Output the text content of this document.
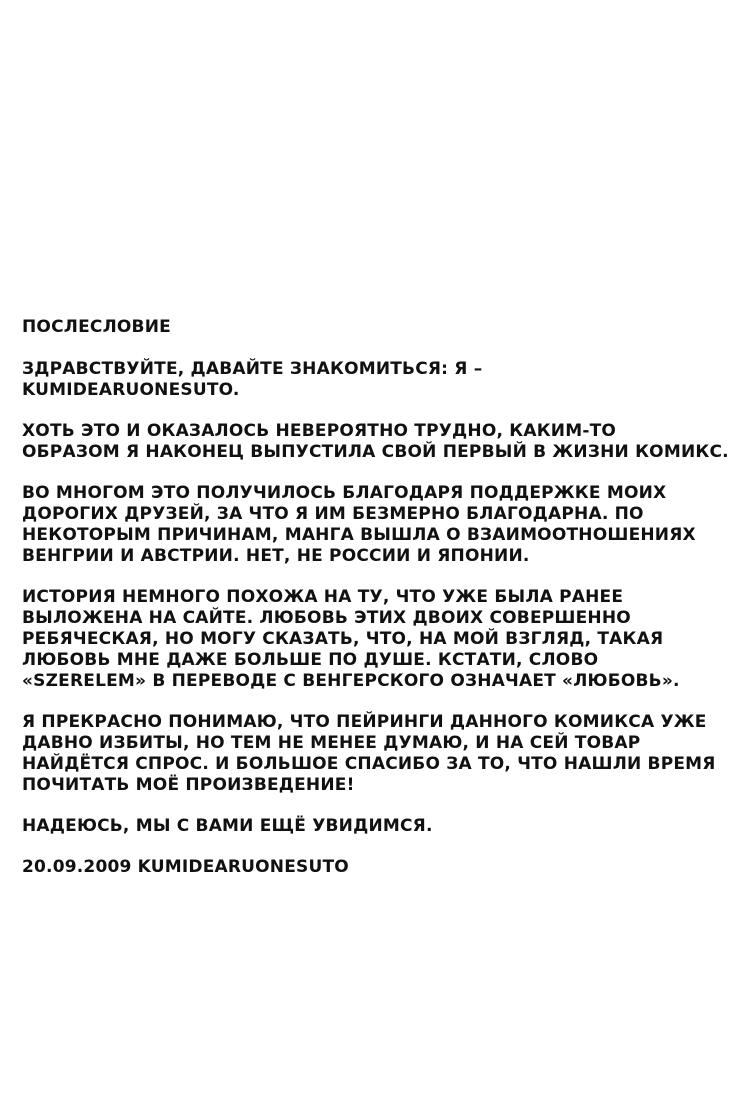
ПОСЛЕСЛОВИЕ

ЗДРАВСТВУЙТЕ, ДАВАЙТЕ ЗНАКОМИТЬСЯ: Я –
KUMIDEARUONESUTO.

ХОТЬ ЭТО И ОКАЗАЛОСЬ НЕВЕРОЯТНО ТРУДНО, КАКИМ-ТО
ОБРАЗОМ Я НАКОНЕЦ ВЫПУСТИЛА СВОЙ ПЕРВЫЙ В ЖИЗНИ КОМИКС.

ВО МНОГОМ ЭТО ПОЛУЧИЛОСЬ БЛАГОДАРЯ ПОДДЕРЖКЕ МОИХ
ДОРОГИХ ДРУЗЕЙ, ЗА ЧТО Я ИМ БЕЗМЕРНО БЛАГОДАРНА. ПО
НЕКОТОРЫМ ПРИЧИНАМ, МАНГА ВЫШЛА О ВЗАИМООТНОШЕНИЯХ
ВЕНГРИИ И АВСТРИИ. НЕТ, НЕ РОССИИ И ЯПОНИИ.

ИСТОРИЯ НЕМНОГО ПОХОЖА НА ТУ, ЧТО УЖЕ БЫЛА РАНЕЕ
ВЫЛОЖЕНА НА САЙТЕ. ЛЮБОВЬ ЭТИХ ДВОИХ СОВЕРШЕННО
РЕБЯЧЕСКАЯ, НО МОГУ СКАЗАТЬ, ЧТО, НА МОЙ ВЗГЛЯД, ТАКАЯ
ЛЮБОВЬ МНЕ ДАЖЕ БОЛЬШЕ ПО ДУШЕ. КСТАТИ, СЛОВО
«SZERELEM» В ПЕРЕВОДЕ С ВЕНГЕРСКОГО ОЗНАЧАЕТ «ЛЮБОВЬ».

Я ПРЕКРАСНО ПОНИМАЮ, ЧТО ПЕЙРИНГИ ДАННОГО КОМИКСА УЖЕ
ДАВНО ИЗБИТЫ, НО ТЕМ НЕ МЕНЕЕ ДУМАЮ, И НА СЕЙ ТОВАР
НАЙДЁТСЯ СПРОС. И БОЛЬШОЕ СПАСИБО ЗА ТО, ЧТО НАШЛИ ВРЕМЯ
ПОЧИТАТЬ МОЁ ПРОИЗВЕДЕНИЕ!

НАДЕЮСЬ, МЫ С ВАМИ ЕЩЁ УВИДИМСЯ.

20.09.2009 KUMIDEARUONESUTO
